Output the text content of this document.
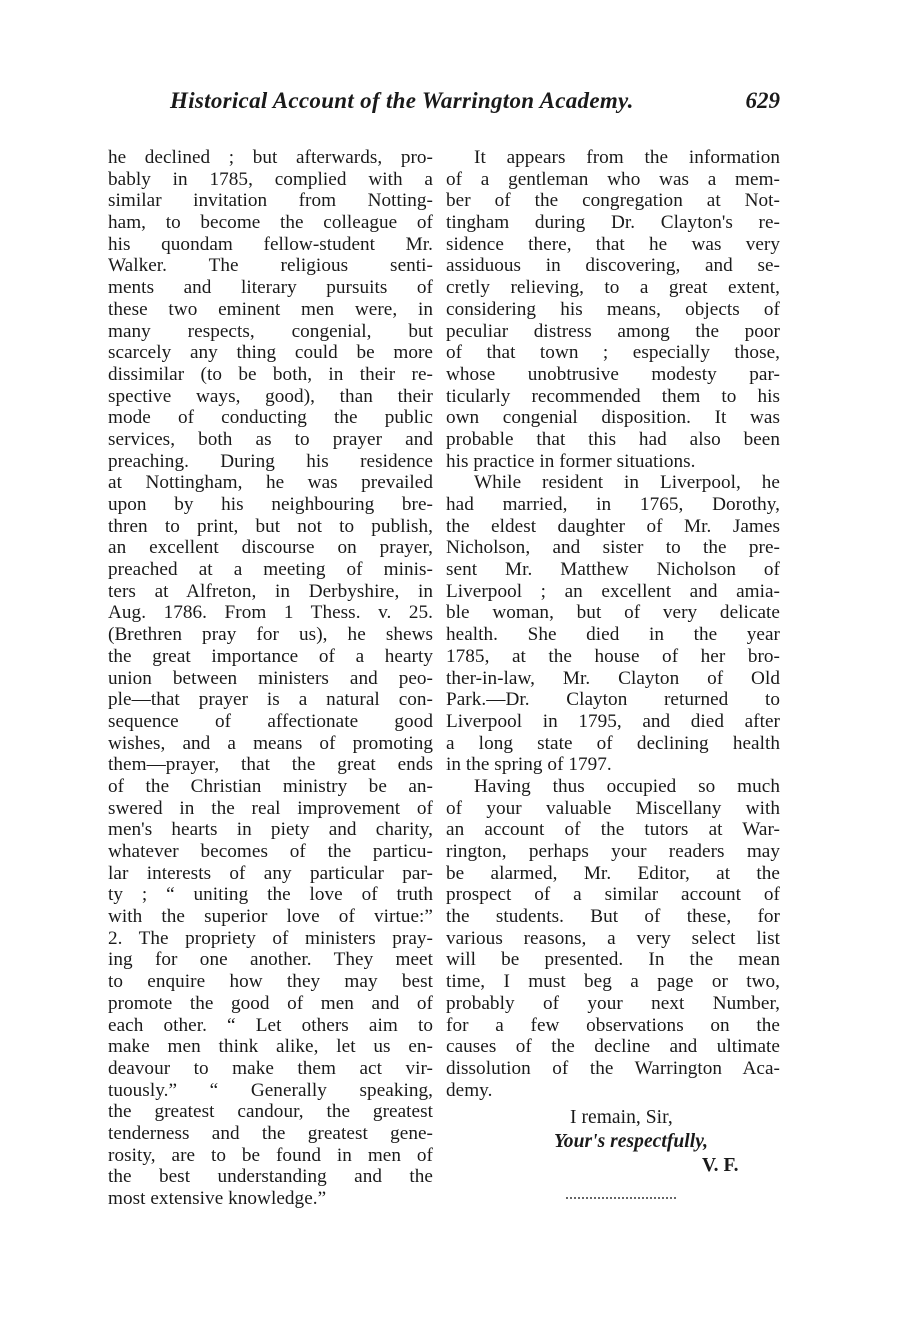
Historical Account of the Warrington Academy.	629
he declined ; but afterwards, pro-
bably in 1785, complied with a
similar invitation from Notting-
ham, to become the colleague of
his quondam fellow-student Mr.
Walker. The religious senti-
ments and literary pursuits of
these two eminent men were, in
many respects, congenial, but
scarcely any thing could be more
dissimilar (to be both, in their re-
spective ways, good), than their
mode of conducting the public
services, both as to prayer and
preaching. During his residence
at Nottingham, he was prevailed
upon by his neighbouring bre-
thren to print, but not to publish,
an excellent discourse on prayer,
preached at a meeting of minis-
ters at Alfreton, in Derbyshire, in
Aug. 1786. From 1 Thess. v. 25.
(Brethren pray for us), he shews
the great importance of a hearty
union between ministers and peo-
ple—that prayer is a natural con-
sequence of affectionate good
wishes, and a means of promoting
them—prayer, that the great ends
of the Christian ministry be an-
swered in the real improvement of
men's hearts in piety and charity,
whatever becomes of the particu-
lar interests of any particular par-
ty ; “ uniting the love of truth
with the superior love of virtue:”
2. The propriety of ministers pray-
ing for one another. They meet
to enquire how they may best
promote the good of men and of
each other. “ Let others aim to
make men think alike, let us en-
deavour to make them act vir-
tuously.” “ Generally speaking,
the greatest candour, the greatest
tenderness and the greatest gene-
rosity, are to be found in men of
the best understanding and the
most extensive knowledge.”
It appears from the information
of a gentleman who was a mem-
ber of the congregation at Not-
tingham during Dr. Clayton's re-
sidence there, that he was very
assiduous in discovering, and se-
cretly relieving, to a great extent,
considering his means, objects of
peculiar distress among the poor
of that town ; especially those,
whose unobtrusive modesty par-
ticularly recommended them to his
own congenial disposition. It was
probable that this had also been
his practice in former situations.
While resident in Liverpool, he
had married, in 1765, Dorothy,
the eldest daughter of Mr. James
Nicholson, and sister to the pre-
sent Mr. Matthew Nicholson of
Liverpool ; an excellent and amia-
ble woman, but of very delicate
health. She died in the year
1785, at the house of her bro-
ther-in-law, Mr. Clayton of Old
Park.—Dr. Clayton returned to
Liverpool in 1795, and died after
a long state of declining health
in the spring of 1797.
Having thus occupied so much
of your valuable Miscellany with
an account of the tutors at War-
rington, perhaps your readers may
be alarmed, Mr. Editor, at the
prospect of a similar account of
the students. But of these, for
various reasons, a very select list
will be presented. In the mean
time, I must beg a page or two,
probably of your next Number,
for a few observations on the
causes of the decline and ultimate
dissolution of the Warrington Aca-
demy.
I remain, Sir,
Your's respectfully,
V. F.
